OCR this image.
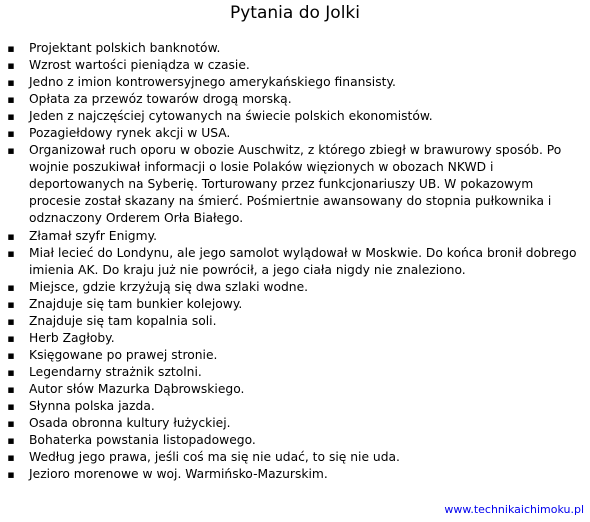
Pytania do Jolki
▪ Projektant polskich banknotów.
▪ Wzrost wartości pieniądza w czasie.
▪ Jedno z imion kontrowersyjnego amerykańskiego finansisty.
▪ Opłata za przewóz towarów drogą morską.
▪ Jeden z najczęściej cytowanych na świecie polskich ekonomistów.
▪ Pozagiełdowy rynek akcji w USA.
▪ Organizował ruch oporu w obozie Auschwitz, z którego zbiegł w brawurowy sposób. Po wojnie poszukiwał informacji o losie Polaków więzionych w obozach NKWD i deportowanych na Syberię. Torturowany przez funkcjonariuszy UB. W pokazowym procesie został skazany na śmierć. Pośmiertnie awansowany do stopnia pułkownika i odznaczony Orderem Orła Białego.
▪ Złamał szyfr Enigmy.
▪ Miał lecieć do Londynu, ale jego samolot wylądował w Moskwie. Do końca bronił dobrego imienia AK. Do kraju już nie powrócił, a jego ciała nigdy nie znaleziono.
▪ Miejsce, gdzie krzyżują się dwa szlaki wodne.
▪ Znajduje się tam bunkier kolejowy.
▪ Znajduje się tam kopalnia soli.
▪ Herb Zagłoby.
▪ Księgowane po prawej stronie.
▪ Legendarny strażnik sztolni.
▪ Autor słów Mazurka Dąbrowskiego.
▪ Słynna polska jazda.
▪ Osada obronna kultury łużyckiej.
▪ Bohaterka powstania listopadowego.
▪ Według jego prawa, jeśli coś ma się nie udać, to się nie uda.
▪ Jezioro morenowe w woj. Warmińsko-Mazurskim.
www.technikaichimoku.pl
